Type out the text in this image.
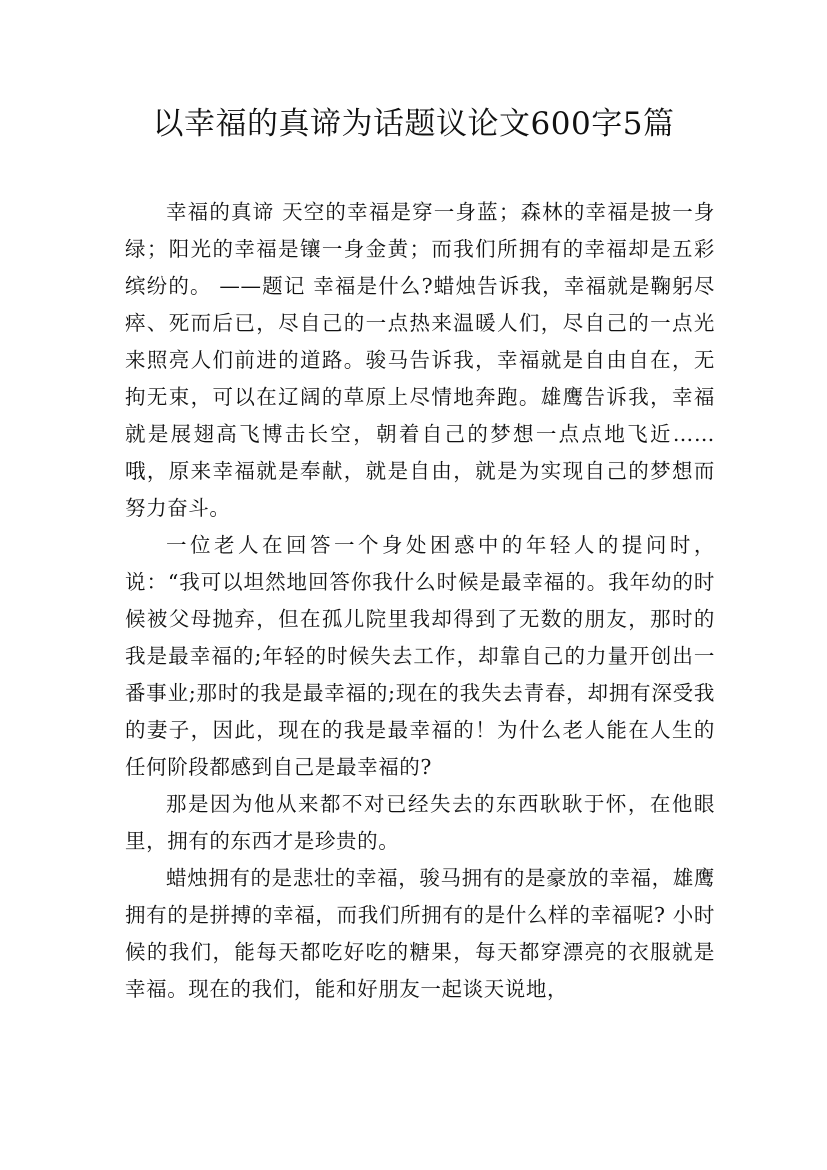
以幸福的真谛为话题议论文600字5篇

幸福的真谛 天空的幸福是穿一身蓝；森林的幸福是披一身绿；阳光的幸福是镶一身金黄；而我们所拥有的幸福却是五彩缤纷的。 ——题记 幸福是什么?蜡烛告诉我，幸福就是鞠躬尽瘁、死而后已，尽自己的一点热来温暖人们，尽自己的一点光来照亮人们前进的道路。骏马告诉我，幸福就是自由自在，无拘无束，可以在辽阔的草原上尽情地奔跑。雄鹰告诉我，幸福就是展翅高飞博击长空，朝着自己的梦想一点点地飞近……哦，原来幸福就是奉献，就是自由，就是为实现自己的梦想而努力奋斗。

一位老人在回答一个身处困惑中的年轻人的提问时，说：“我可以坦然地回答你我什么时候是最幸福的。我年幼的时候被父母抛弃，但在孤儿院里我却得到了无数的朋友，那时的我是最幸福的;年轻的时候失去工作，却靠自己的力量开创出一番事业;那时的我是最幸福的;现在的我失去青春，却拥有深受我的妻子，因此，现在的我是最幸福的！为什么老人能在人生的任何阶段都感到自己是最幸福的?

那是因为他从来都不对已经失去的东西耿耿于怀，在他眼里，拥有的东西才是珍贵的。

蜡烛拥有的是悲壮的幸福，骏马拥有的是豪放的幸福，雄鹰拥有的是拼搏的幸福，而我们所拥有的是什么样的幸福呢? 小时候的我们，能每天都吃好吃的糖果，每天都穿漂亮的衣服就是幸福。现在的我们，能和好朋友一起谈天说地，
